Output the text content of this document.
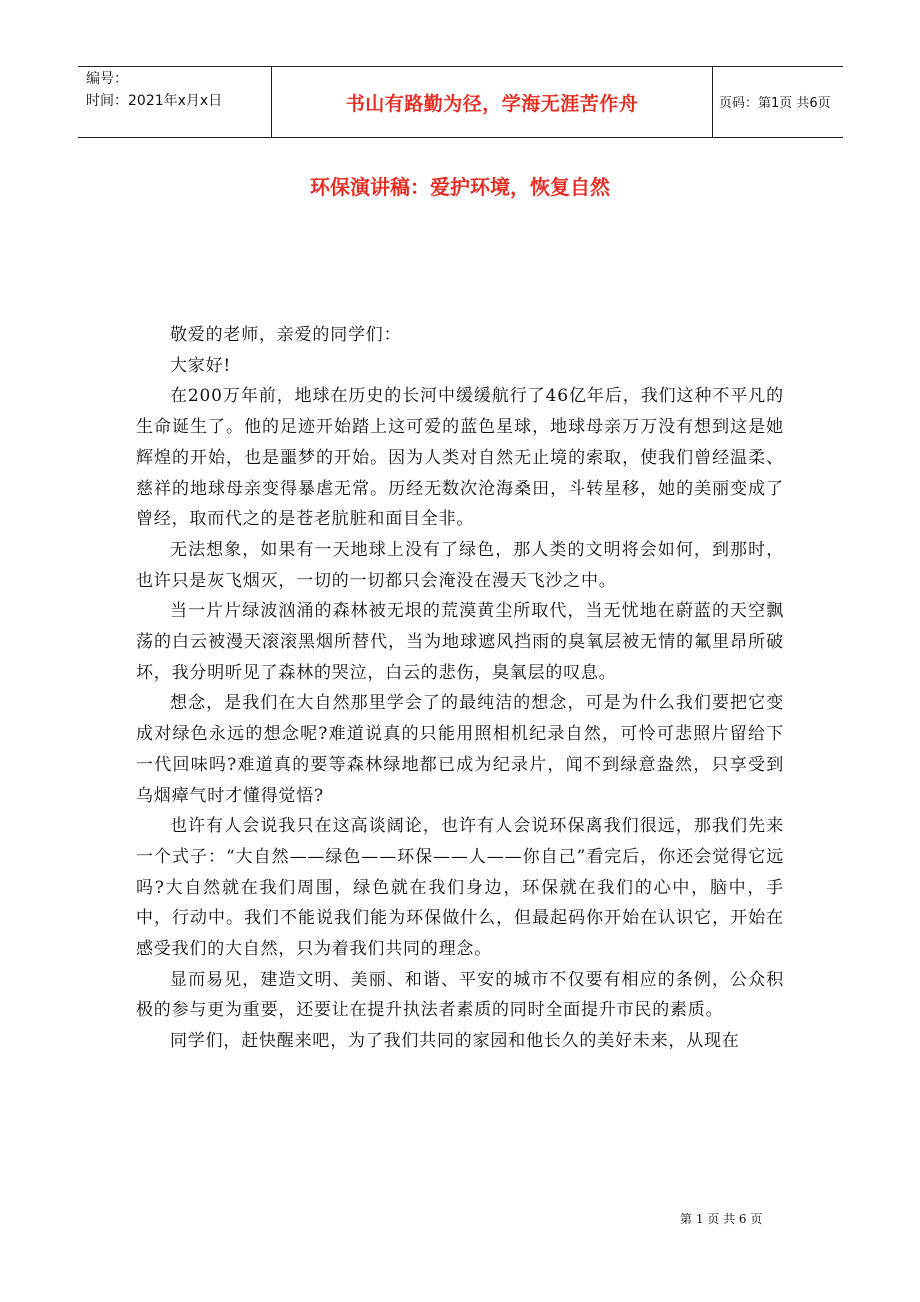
编号：
时间：2021年x月x日	书山有路勤为径，学海无涯苦作舟	页码：第1页 共6页
环保演讲稿：爱护环境，恢复自然

敬爱的老师，亲爱的同学们：

大家好!

在200万年前，地球在历史的长河中缓缓航行了46亿年后，我们这种不平凡的生命诞生了。他的足迹开始踏上这可爱的蓝色星球，地球母亲万万没有想到这是她辉煌的开始，也是噩梦的开始。因为人类对自然无止境的索取，使我们曾经温柔、慈祥的地球母亲变得暴虐无常。历经无数次沧海桑田，斗转星移，她的美丽变成了曾经，取而代之的是苍老肮脏和面目全非。

无法想象，如果有一天地球上没有了绿色，那人类的文明将会如何，到那时，也许只是灰飞烟灭，一切的一切都只会淹没在漫天飞沙之中。

当一片片绿波汹涌的森林被无垠的荒漠黄尘所取代，当无忧地在蔚蓝的天空飘荡的白云被漫天滚滚黑烟所替代，当为地球遮风挡雨的臭氧层被无情的氟里昂所破坏，我分明听见了森林的哭泣，白云的悲伤，臭氧层的叹息。

想念，是我们在大自然那里学会了的最纯洁的想念，可是为什么我们要把它变成对绿色永远的想念呢?难道说真的只能用照相机纪录自然，可怜可悲照片留给下一代回味吗?难道真的要等森林绿地都已成为纪录片，闻不到绿意盎然，只享受到乌烟瘴气时才懂得觉悟?

也许有人会说我只在这高谈阔论，也许有人会说环保离我们很远，那我们先来一个式子：“大自然——绿色——环保——人——你自己”看完后，你还会觉得它远吗?大自然就在我们周围，绿色就在我们身边，环保就在我们的心中，脑中，手中，行动中。我们不能说我们能为环保做什么，但最起码你开始在认识它，开始在感受我们的大自然，只为着我们共同的理念。

显而易见，建造文明、美丽、和谐、平安的城市不仅要有相应的条例，公众积极的参与更为重要，还要让在提升执法者素质的同时全面提升市民的素质。

同学们，赶快醒来吧，为了我们共同的家园和他长久的美好未来，从现在

第 1 页 共 6 页
